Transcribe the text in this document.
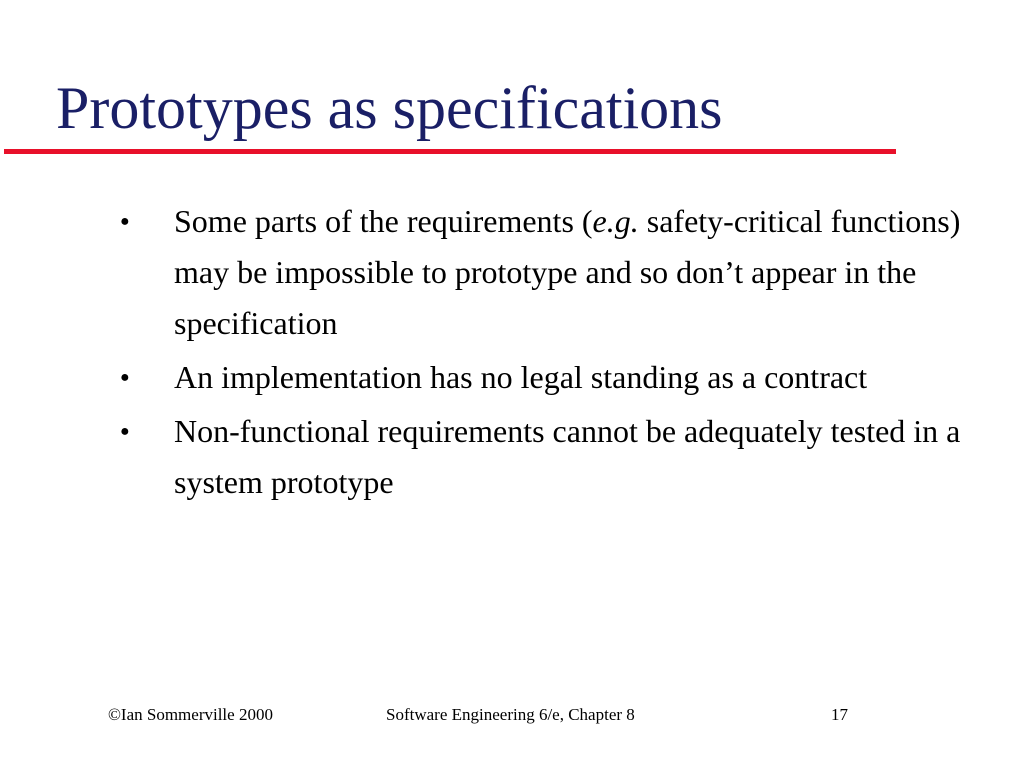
Prototypes as specifications
● Some parts of the requirements (e.g. safety-critical functions) may be impossible to prototype and so don’t appear in the specification
● An implementation has no legal standing as a contract
● Non-functional requirements cannot be adequately tested in a system prototype
©Ian Sommerville 2000	Software Engineering 6/e, Chapter 8	17
